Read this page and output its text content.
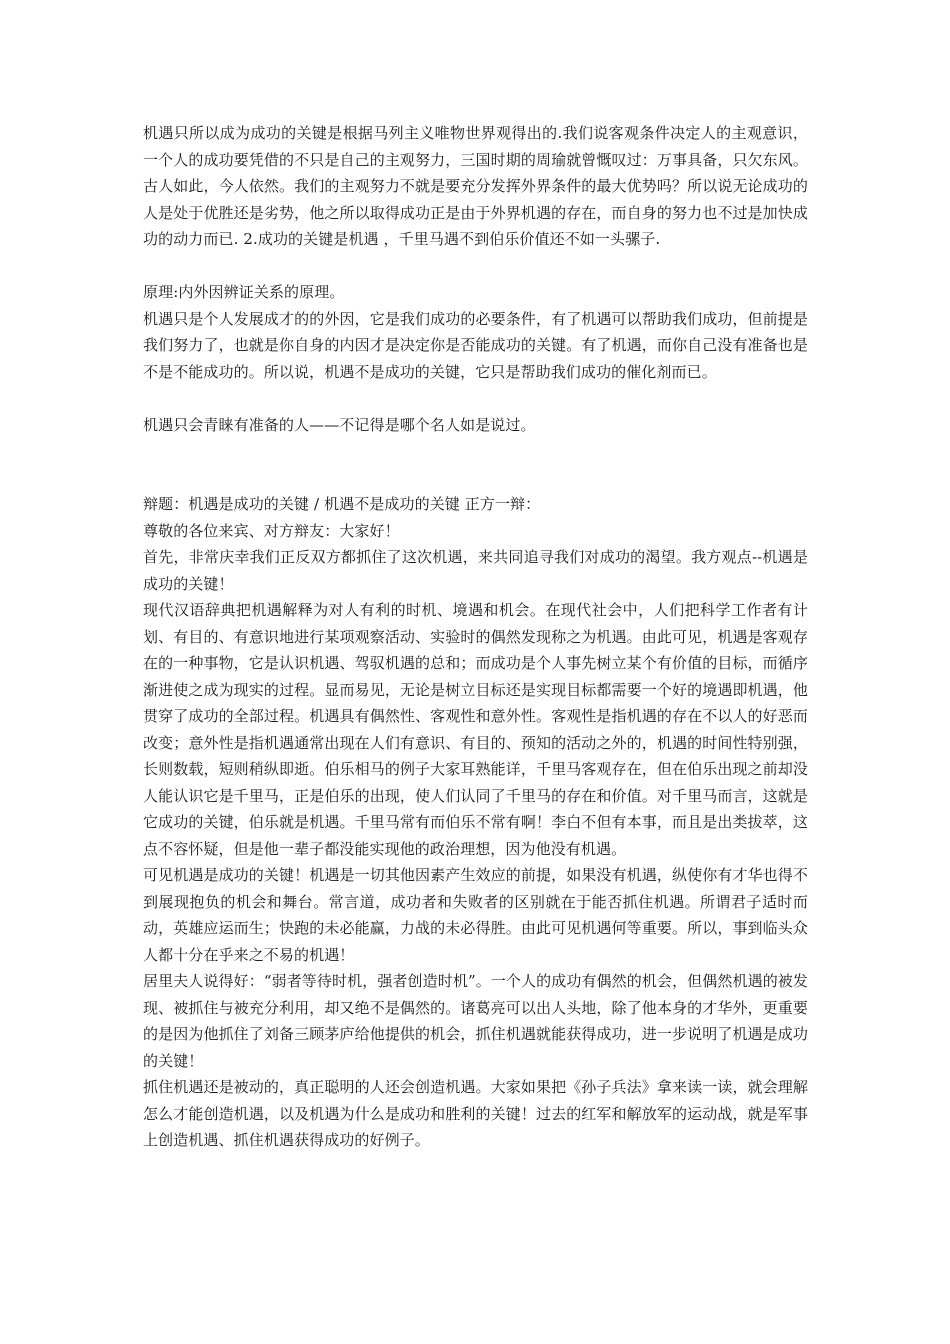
机遇只所以成为成功的关键是根据马列主义唯物世界观得出的.我们说客观条件决定人的主观意识，一个人的成功要凭借的不只是自己的主观努力，三国时期的周瑜就曾慨叹过：万事具备，只欠东风。古人如此，今人依然。我们的主观努力不就是要充分发挥外界条件的最大优势吗？所以说无论成功的人是处于优胜还是劣势，他之所以取得成功正是由于外界机遇的存在，而自身的努力也不过是加快成功的动力而已. 2.成功的关键是机遇 ，千里马遇不到伯乐价值还不如一头骡子.

原理:内外因辨证关系的原理。

机遇只是个人发展成才的的外因，它是我们成功的必要条件，有了机遇可以帮助我们成功，但前提是我们努力了，也就是你自身的内因才是决定你是否能成功的关键。有了机遇，而你自己没有准备也是不是不能成功的。所以说，机遇不是成功的关键，它只是帮助我们成功的催化剂而已。

机遇只会青睐有准备的人——不记得是哪个名人如是说过。

辩题：机遇是成功的关键 / 机遇不是成功的关键 正方一辩：

尊敬的各位来宾、对方辩友：大家好！

首先，非常庆幸我们正反双方都抓住了这次机遇，来共同追寻我们对成功的渴望。我方观点--机遇是成功的关键！

现代汉语辞典把机遇解释为对人有利的时机、境遇和机会。在现代社会中，人们把科学工作者有计划、有目的、有意识地进行某项观察活动、实验时的偶然发现称之为机遇。由此可见，机遇是客观存在的一种事物，它是认识机遇、驾驭机遇的总和；而成功是个人事先树立某个有价值的目标，而循序渐进使之成为现实的过程。显而易见，无论是树立目标还是实现目标都需要一个好的境遇即机遇，他贯穿了成功的全部过程。机遇具有偶然性、客观性和意外性。客观性是指机遇的存在不以人的好恶而改变；意外性是指机遇通常出现在人们有意识、有目的、预知的活动之外的，机遇的时间性特别强，长则数载，短则稍纵即逝。伯乐相马的例子大家耳熟能详，千里马客观存在，但在伯乐出现之前却没人能认识它是千里马，正是伯乐的出现，使人们认同了千里马的存在和价值。对千里马而言，这就是它成功的关键，伯乐就是机遇。千里马常有而伯乐不常有啊！李白不但有本事，而且是出类拔萃，这点不容怀疑，但是他一辈子都没能实现他的政治理想，因为他没有机遇。

可见机遇是成功的关键！机遇是一切其他因素产生效应的前提，如果没有机遇，纵使你有才华也得不到展现抱负的机会和舞台。常言道，成功者和失败者的区别就在于能否抓住机遇。所谓君子适时而动，英雄应运而生；快跑的未必能赢，力战的未必得胜。由此可见机遇何等重要。所以，事到临头众人都十分在乎来之不易的机遇！

居里夫人说得好：“弱者等待时机，强者创造时机”。一个人的成功有偶然的机会，但偶然机遇的被发现、被抓住与被充分利用，却又绝不是偶然的。诸葛亮可以出人头地，除了他本身的才华外，更重要的是因为他抓住了刘备三顾茅庐给他提供的机会，抓住机遇就能获得成功，进一步说明了机遇是成功的关键！

抓住机遇还是被动的，真正聪明的人还会创造机遇。大家如果把《孙子兵法》拿来读一读，就会理解怎么才能创造机遇，以及机遇为什么是成功和胜利的关键！过去的红军和解放军的运动战，就是军事上创造机遇、抓住机遇获得成功的好例子。
